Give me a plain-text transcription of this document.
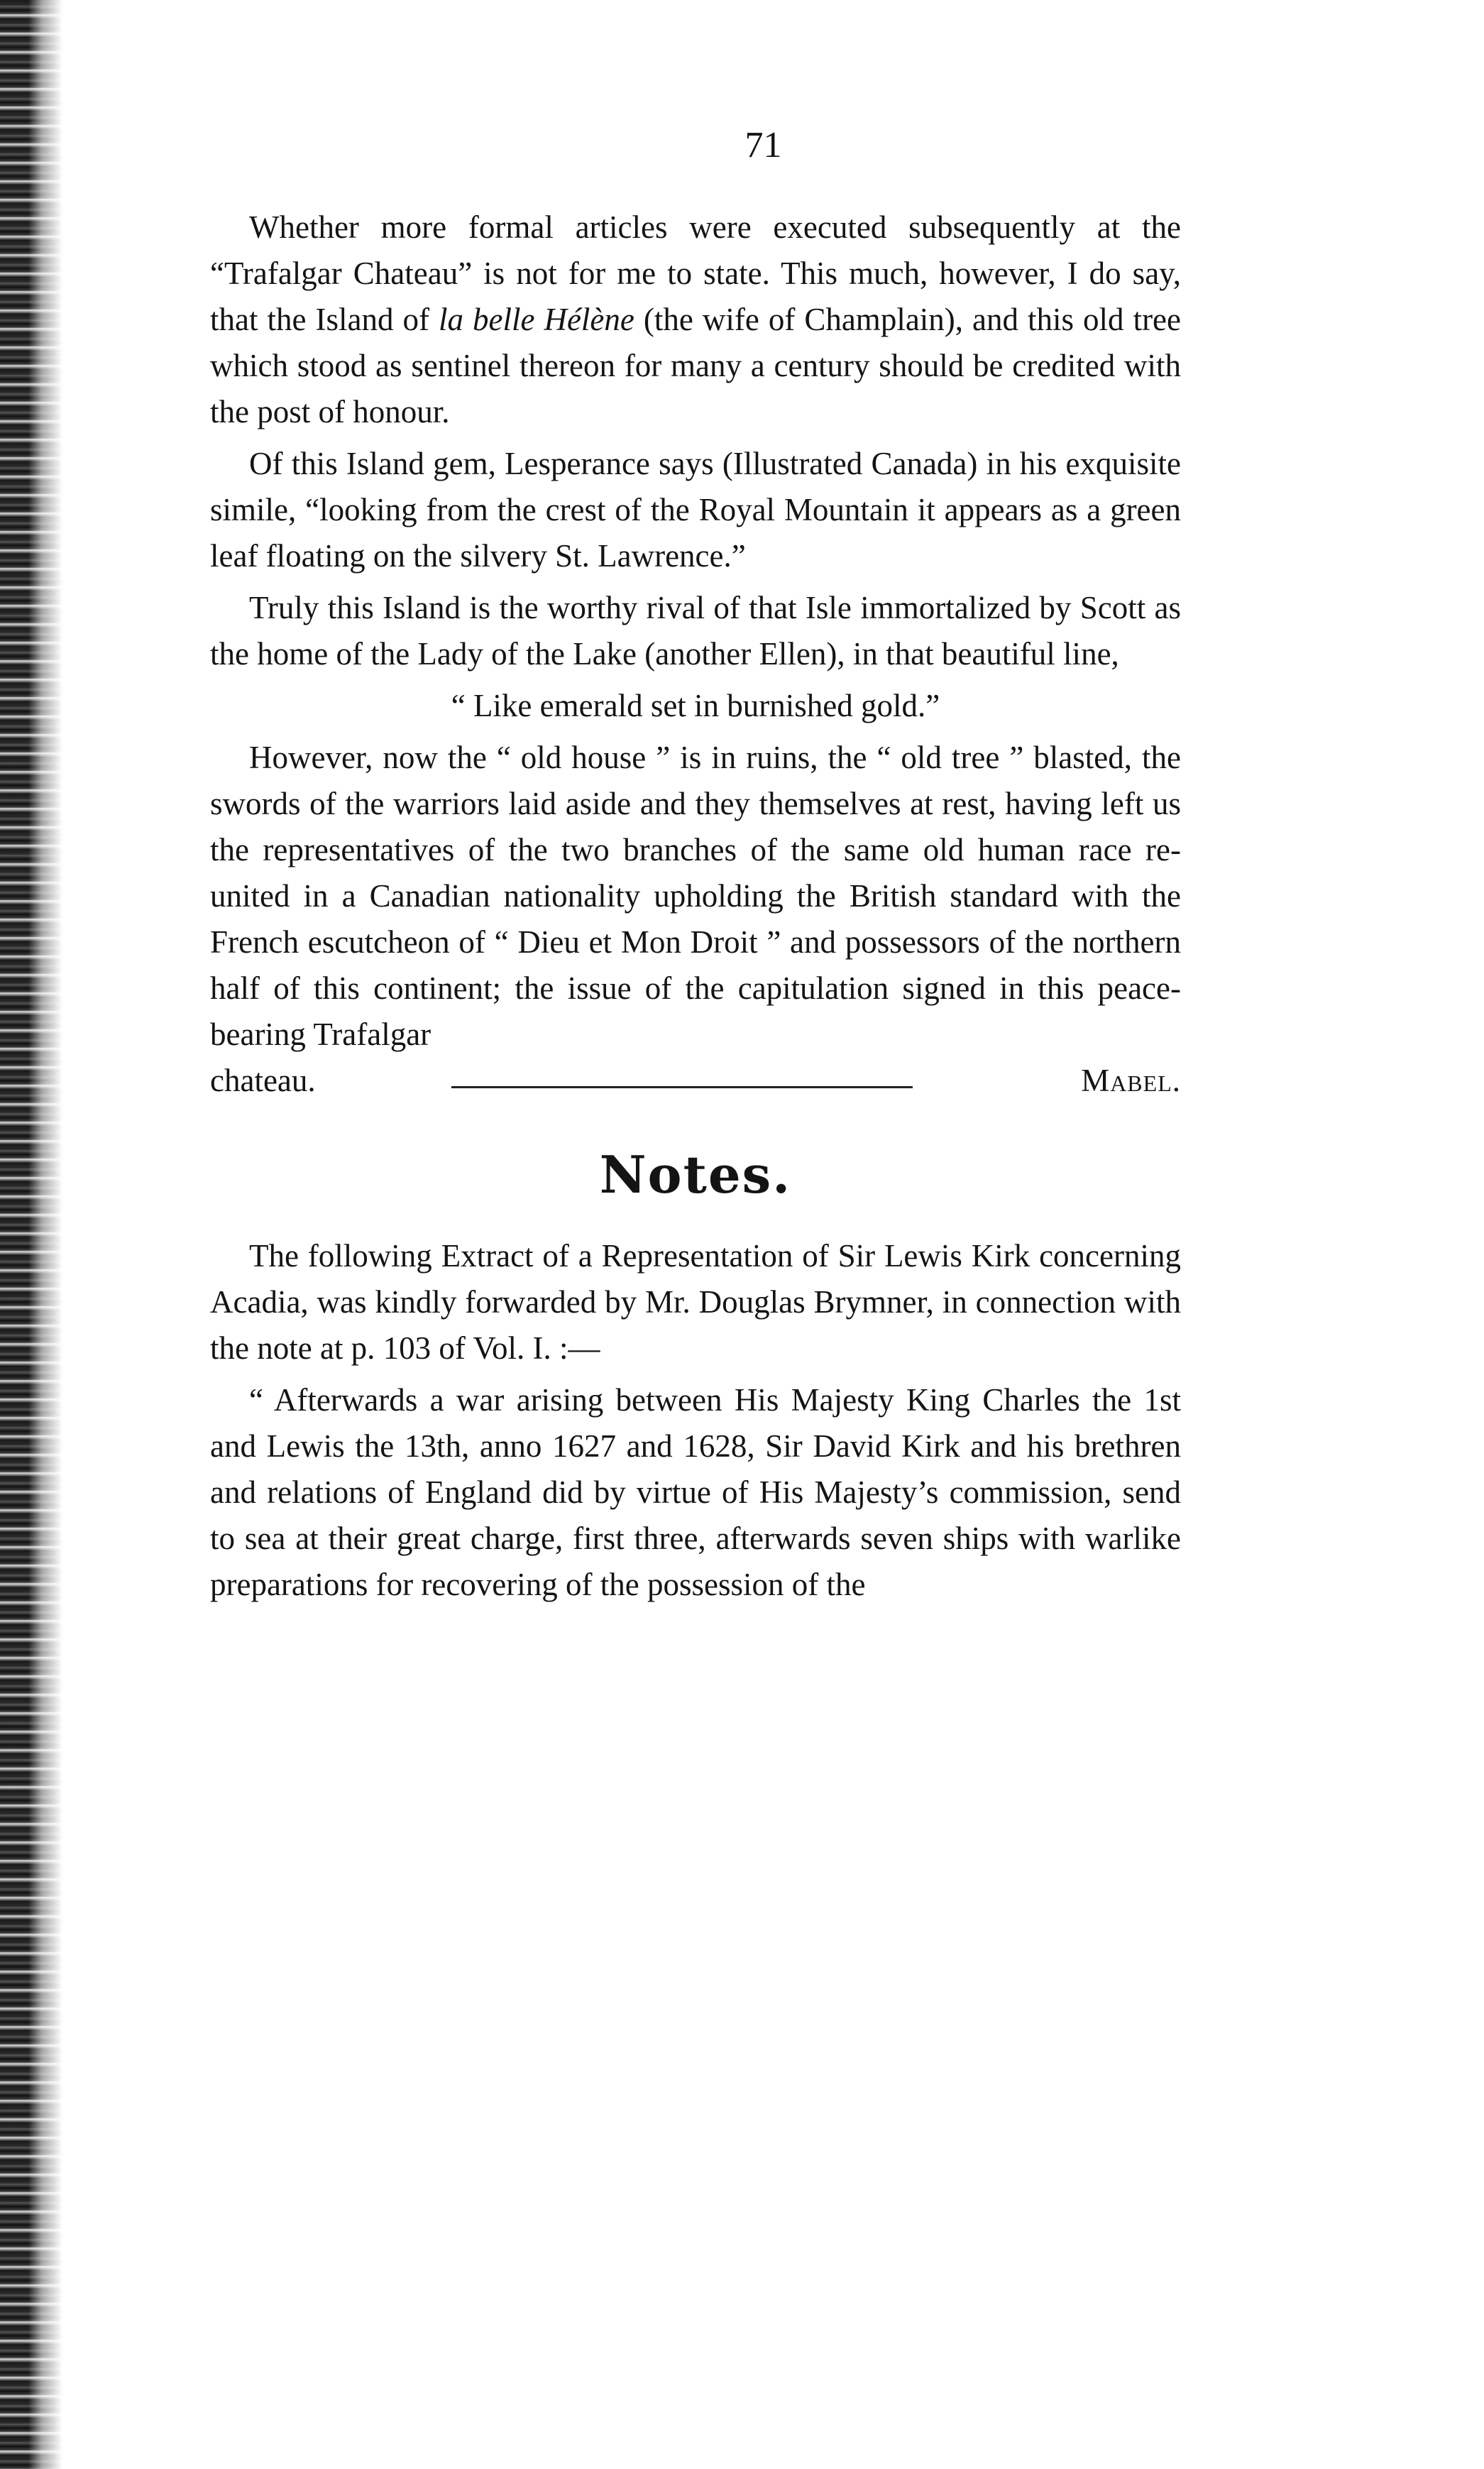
71

Whether more formal articles were executed subsequently at the “Trafalgar Chateau” is not for me to state. This much, however, I do say, that the Island of la belle Hélène (the wife of Champlain), and this old tree which stood as sentinel thereon for many a century should be credited with the post of honour.

Of this Island gem, Lesperance says (Illustrated Canada) in his exquisite simile, “looking from the crest of the Royal Mountain it appears as a green leaf floating on the silvery St. Lawrence.”

Truly this Island is the worthy rival of that Isle immortalized by Scott as the home of the Lady of the Lake (another Ellen), in that beautiful line,

“ Like emerald set in burnished gold.”

However, now the “ old house ” is in ruins, the “ old tree ” blasted, the swords of the warriors laid aside and they themselves at rest, having left us the representatives of the two branches of the same old human race re-united in a Canadian nationality upholding the British standard with the French escutcheon of “ Dieu et Mon Droit ” and possessors of the northern half of this continent; the issue of the capitulation signed in this peace-bearing Trafalgar

chateau.	Mabel.
Notes.

The following Extract of a Representation of Sir Lewis Kirk concerning Acadia, was kindly forwarded by Mr. Douglas Brymner, in connection with the note at p. 103 of Vol. I. :—

“ Afterwards a war arising between His Majesty King Charles the 1st and Lewis the 13th, anno 1627 and 1628, Sir David Kirk and his brethren and relations of England did by virtue of His Majesty’s commission, send to sea at their great charge, first three, afterwards seven ships with warlike preparations for recovering of the possession of the
